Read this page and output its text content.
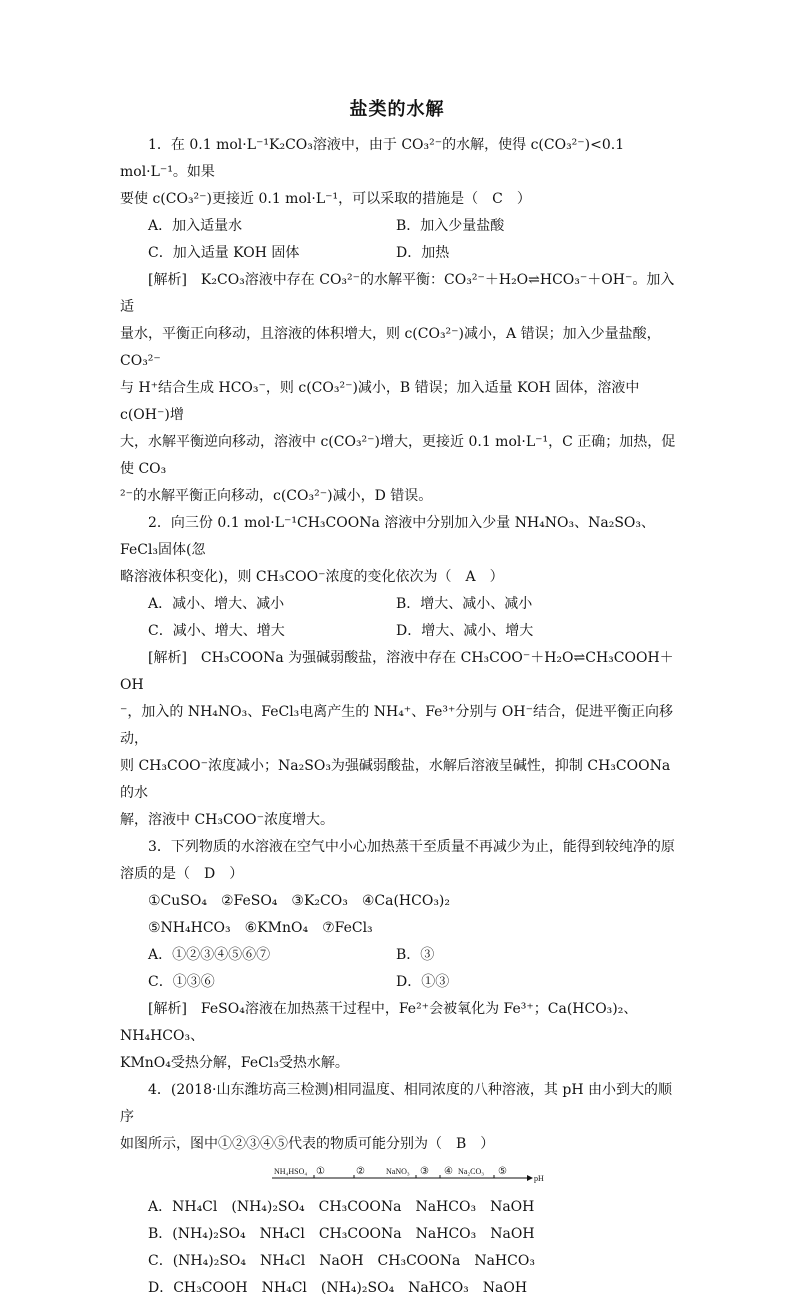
盐类的水解

1．在 0.1 mol·L⁻¹K₂CO₃溶液中，由于 CO₃²⁻的水解，使得 c(CO₃²⁻)<0.1 mol·L⁻¹。如果

要使 c(CO₃²⁻)更接近 0.1 mol·L⁻¹，可以采取的措施是（　C　）

A．加入适量水	B．加入少量盐酸
C．加入适量 KOH 固体	D．加热

[解析]　K₂CO₃溶液中存在 CO₃²⁻的水解平衡：CO₃²⁻＋H₂O⇌HCO₃⁻＋OH⁻。加入适

量水，平衡正向移动，且溶液的体积增大，则 c(CO₃²⁻)减小，A 错误；加入少量盐酸，CO₃²⁻

与 H⁺结合生成 HCO₃⁻，则 c(CO₃²⁻)减小，B 错误；加入适量 KOH 固体，溶液中 c(OH⁻)增

大，水解平衡逆向移动，溶液中 c(CO₃²⁻)增大，更接近 0.1 mol·L⁻¹，C 正确；加热，促使 CO₃

²⁻的水解平衡正向移动，c(CO₃²⁻)减小，D 错误。

2．向三份 0.1 mol·L⁻¹CH₃COONa 溶液中分别加入少量 NH₄NO₃、Na₂SO₃、FeCl₃固体(忽

略溶液体积变化)，则 CH₃COO⁻浓度的变化依次为（　A　）

A．减小、增大、减小	B．增大、减小、减小
C．减小、增大、增大	D．增大、减小、增大

[解析]　CH₃COONa 为强碱弱酸盐，溶液中存在 CH₃COO⁻＋H₂O⇌CH₃COOH＋OH

⁻，加入的 NH₄NO₃、FeCl₃电离产生的 NH₄⁺、Fe³⁺分别与 OH⁻结合，促进平衡正向移动，

则 CH₃COO⁻浓度减小；Na₂SO₃为强碱弱酸盐，水解后溶液呈碱性，抑制 CH₃COONa 的水

解，溶液中 CH₃COO⁻浓度增大。

3．下列物质的水溶液在空气中小心加热蒸干至质量不再减少为止，能得到较纯净的原

溶质的是（　D　）

①CuSO₄　②FeSO₄　③K₂CO₃　④Ca(HCO₃)₂

⑤NH₄HCO₃　⑥KMnO₄　⑦FeCl₃

A．①②③④⑤⑥⑦	B．③
C．①③⑥	D．①③

[解析]　FeSO₄溶液在加热蒸干过程中，Fe²⁺会被氧化为 Fe³⁺；Ca(HCO₃)₂、NH₄HCO₃、

KMnO₄受热分解，FeCl₃受热水解。

4．(2018·山东潍坊高三检测)相同温度、相同浓度的八种溶液，其 pH 由小到大的顺序

如图所示，图中①②③④⑤代表的物质可能分别为（　B　）

NH₄HSO₄ ①	②	NaNO₃ ③ ④ Na₂CO₃ ⑤
pH

A．NH₄Cl　(NH₄)₂SO₄　CH₃COONa　NaHCO₃　NaOH

B．(NH₄)₂SO₄　NH₄Cl　CH₃COONa　NaHCO₃　NaOH

C．(NH₄)₂SO₄　NH₄Cl　NaOH　CH₃COONa　NaHCO₃

D．CH₃COOH　NH₄Cl　(NH₄)₂SO₄　NaHCO₃　NaOH
